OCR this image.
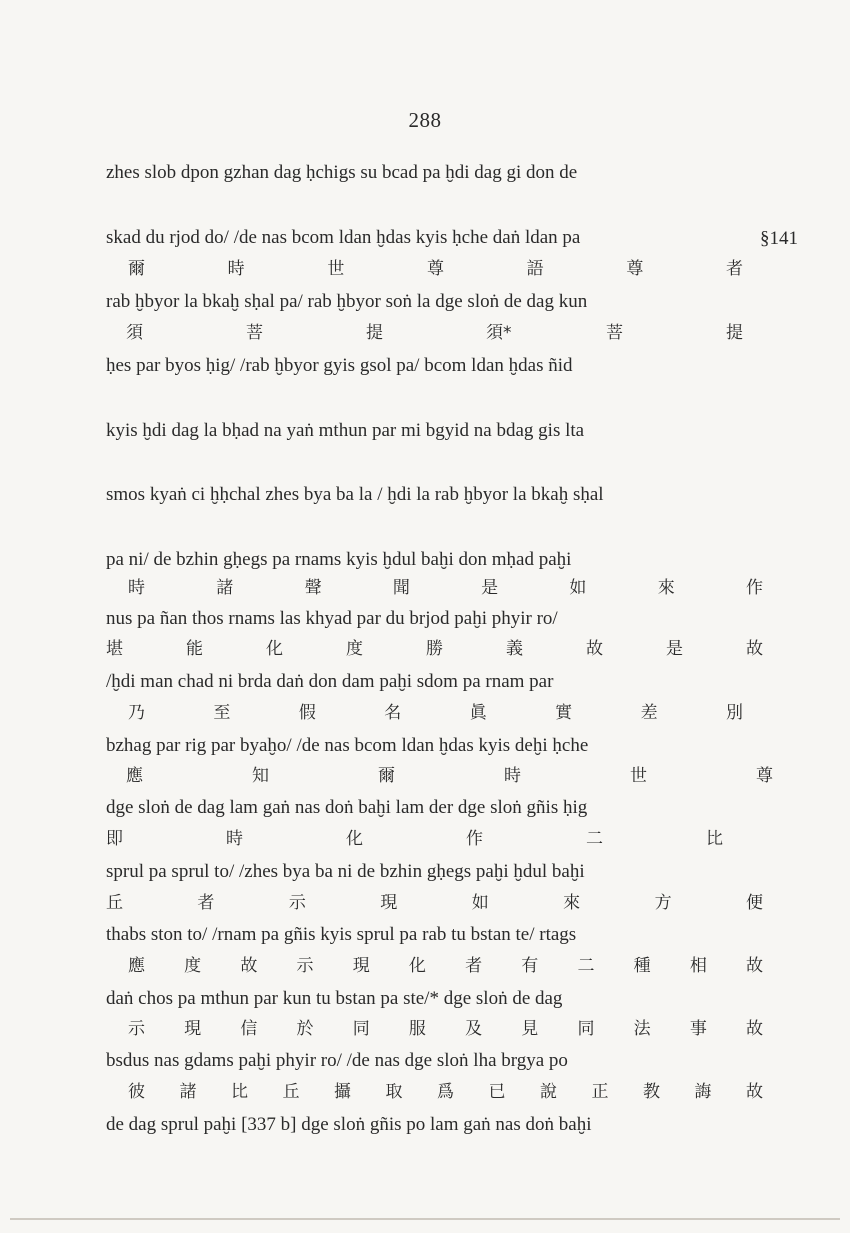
288
zhes slob dpon gzhan dag ḥchigs su bcad pa ḫdi dag gi don de
skad du rjod do/ /de nas bcom ldan ḫdas kyis ḥche daṅ ldan pa	§141
爾	時	世	尊	語	尊	者
rab ḫbyor la bkaḫ sḥal pa/ rab ḫbyor soṅ la dge sloṅ de dag kun
須	菩	提	須*	菩	提
ḥes par byos ḥig/ /rab ḫbyor gyis gsol pa/ bcom ldan ḫdas ñid
kyis ḫdi dag la bḥad na yaṅ mthun par mi bgyid na bdag gis lta
smos kyaṅ ci ḫḥchal zhes bya ba la / ḫdi la rab ḫbyor la bkaḫ sḥal
pa ni/ de bzhin gḥegs pa rnams kyis ḫdul baḫi don mḥad paḫi
時	諸	聲	聞	是	如	來	作
nus pa ñan thos rnams las khyad par du brjod paḫi phyir ro/
堪	能	化	度	勝	義	故	是	故
/ḫdi man chad ni brda daṅ don dam paḫi sdom pa rnam par
乃	至	假	名	眞	實	差	別
bzhag par rig par byaḫo/ /de nas bcom ldan ḫdas kyis deḫi ḥche
應	知	爾	時	世	尊
dge sloṅ de dag lam gaṅ nas doṅ baḫi lam der dge sloṅ gñis ḥig
即	時	化	作	二	比
sprul pa sprul to/ /zhes bya ba ni de bzhin gḥegs paḫi ḫdul baḫi
丘	者	示	現	如	來	方	便
thabs ston to/ /rnam pa gñis kyis sprul pa rab tu bstan te/ rtags
應 度 故 示 現 化 者 有 二 種 相 故
daṅ chos pa mthun par kun tu bstan pa ste/* dge sloṅ de dag
示 現 信 於 同 服 及 見 同 法 事 故
bsdus nas gdams paḫi phyir ro/ /de nas dge sloṅ lha brgya po
彼 諸 比 丘 攝 取 爲 已 說 正 教 誨 故
de dag sprul paḫi [337 b] dge sloṅ gñis po lam gaṅ nas doṅ baḫi
